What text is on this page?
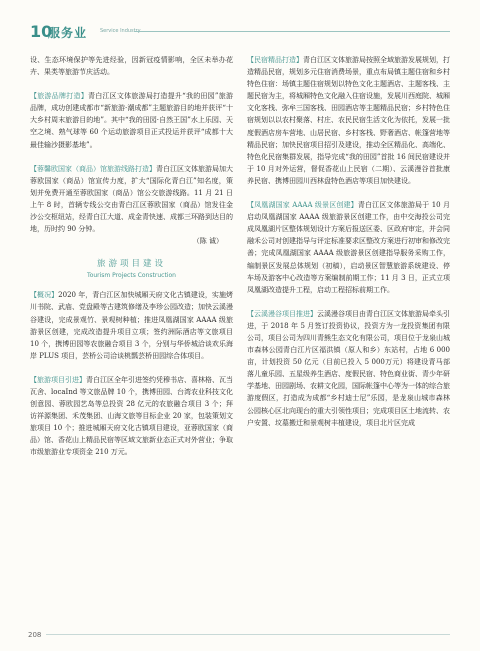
10
服务业	Service Industry

设、生态环境保护等先进经验，因新冠疫情影响，全区未举办花卉、果类等旅游节庆活动。

【旅游品牌打造】青白江区文体旅游局打造提升“我的田园”旅游品牌，成功创建成都市“新旅游·潮成都”主题旅游目的地并获评“十大乡村周末旅游目的地”。其中“我的田园·自然王国”水上乐园、天空之境、熟气球等 60 个运动旅游项目正式投运并获评“成都十大最佳输沙摄影基地”。

【蓉馨欧国家（商品）馆旅游线路打造】青白江区文体旅游局加大蓉欧国家（商品）馆宣传力度，扩大“国际化青白江”知名度，策划并免费开通至蓉欧国家（商品）馆公交旅游线路。11 月 21 日上午 8 时，首辆专线公交由青白江区蓉欧国家（商品）馆发往金沙公交枢纽站，经青白江大道、成金青快速、成都三环路到达目的地，历时约 90 分钟。

（陈 诚）

旅游项目建设
Tourism Projects Construction

【概况】2020 年，青白江区加快城厢天府文化古镇建设，实施烤川书院、武庙、党盘殿等古建筑修缮及李珍公园改造；加快云溪漫谷建设，完成景观竹、景观树种植；推进凤凰湖国家 AAAA 级旅游景区创建，完成改造提升项目立项；签约洲际酒店等文旅项目 10 个，携博田园等农旅融合项目 3 个，分别与华侨城洽谈欢乐海岸 PLUS 项目，芸桥公司洽谈桃瓢芸桥田园综合体项目。

【旅游项目引进】青白江区全年引进签约凭穆书店、喜林格、瓦当瓦舍、locaInd 等文旅品牌 10 个，携博田园、台湾农业科技文化创意园、蓉欧园艺岛等总投资 28 亿元的农旅融合项目 3 个；拜访祥源集团、禾茂集团、山海文旅等目标企业 20 家，包装策划文旅项目 10 个；推进城厢天府文化古镇项目建设，亚蓉欧国家（商品）馆、香花山上精品民宿等区域文旅新业态正式对外营业；争取市级旅游业专项资金 210 万元。

【民宿精品打造】青白江区文体旅游局按照全域旅游发展规划，打造精品民宿，规划多元住宿消费场景，重点布局镇主题住宿和乡村特色住宿：场镇主题住宿规划以特色文化主题酒店、主题客栈、主题民宿为主，将城厢特色文化融入住宿设施，发展川西庭院、城厢文化客栈、弥牟三国客栈、田园酒店等主题精品民宿；乡村特色住宿规划以以农村聚落、村庄、农民民宿生活文化为依托，发展一批度假酒店房车营地、山居民宿、乡村客栈、野奢酒店、帐篷营地等精品民宿；加快民宿项目招引及建设，推动全区精品化、高端化、特色化民宿集群发展，指导完成“我的田园”首批 16 间民宿建设并于 10 月对外运营，督促香花山上民宿（二期）、云溪漫谷首批康养民宿、携博田园川西林盘特色酒店等项目加快建设。

【凤凰湖国家 AAAA 级景区创建】青白江区文体旅游局于 10 月启动凤凰湖国家 AAAA 级旅游景区创建工作，由中交海投公司完成凤凰湖片区整体规划设计方案后报送区委、区政府审定，并会同融禾公司对创建指导与评定标准要求区整改方案进行初审和修改完善；完成凤凰湖国家 AAAA 级旅游景区创建指导服务采购工作，编制景区发展总体规划（初稿），启动景区智慧旅游系统建设、停车场及游客中心改造等方案编制前期工作；11 月 3 日，正式立项凤凰湖改造提升工程，启动工程招标前期工作。

【云溪漫谷项目推进】云溪漫谷项目由青白江区文体旅游局牵头引进，于 2018 年 5 月签订投资协议，投资方为一龙投资集团有限公司，项目公司为四川青熊生态文化有限公司，项目位于龙泉山城市森林公园青白江片区福洪镇（原人和乡）东站村，占地 6 000 亩，计划投资 50 亿元（目前已投入 5 000万元）将建设青马部落儿童乐园、五星级养生酒店、度假民宿、特色商业街、青少年研学基地、田园剧场、农耕文化园，国际帐篷中心等为一体的综合旅游度假区，打造成为成都“乡村迪士尼”乐园，是龙泉山城市森林公园核心区北向现台的重大引领性项目；完成项目区土地流转、农户安置、坟墓搬迁和景观树丰植建设，项目北片区完成

208
